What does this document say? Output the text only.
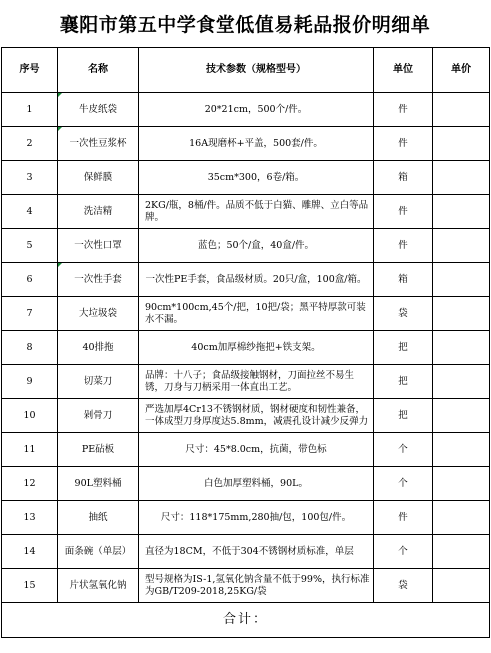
襄阳市第五中学食堂低值易耗品报价明细单
序号	名称	技术参数（规格型号）	单位	单价
1	牛皮纸袋	20*21cm，500个/件。	件	
2	一次性豆浆杯	16A现磨杯+平盖，500套/件。	件	
3	保鲜膜	35cm*300，6卷/箱。	箱	
4	洗洁精	2KG/瓶，8桶/件。品质不低于白猫、雕牌、立白等品牌。	件	
5	一次性口罩	蓝色；50个/盒，40盒/件。	件	
6	一次性手套	一次性PE手套，食品级材质。20只/盒，100盒/箱。	箱	
7	大垃圾袋	90cm*100cm,45个/把，10把/袋；黑平特厚款可装水不漏。	袋	
8	40排拖	40cm加厚棉纱拖把+铁支架。	把	
9	切菜刀	品牌：十八子；食品级接触钢材，刀面拉丝不易生锈，刀身与刀柄采用一体直出工艺。	把	
10	剁骨刀	严选加厚4Cr13不锈钢材质，钢材硬度和韧性兼备，一体成型刀身厚度达5.8mm，减震孔设计减少反弹力	把	
11	PE砧板	尺寸：45*8.0cm，抗菌，带色标	个	
12	90L塑料桶	白色加厚塑料桶，90L。	个	
13	抽纸	尺寸：118*175mm,280抽/包，100包/件。	件	
14	面条碗（单层）	直径为18CM，不低于304不锈钢材质标准，单层	个	
15	片状氢氧化钠	型号规格为IS-1,氢氧化钠含量不低于99%，执行标准为GB/T209-2018,25KG/袋	袋	
合计：				
